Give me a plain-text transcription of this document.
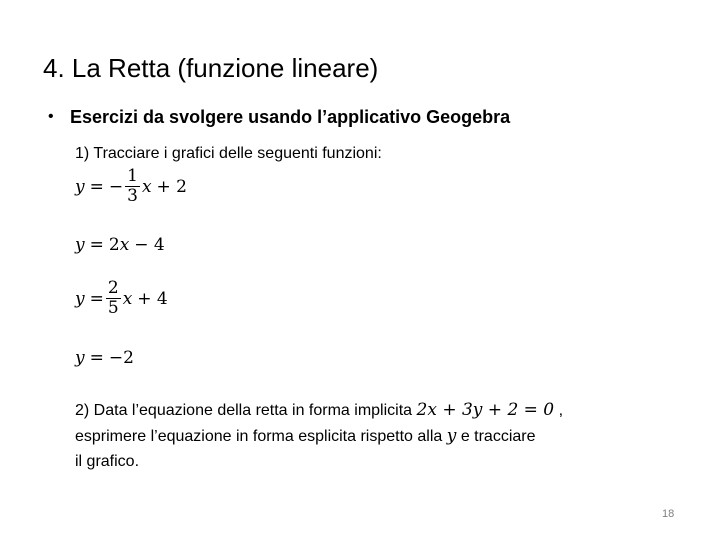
4. La Retta (funzione lineare)
• Esercizi da svolgere usando l’applicativo Geogebra
1) Tracciare i grafici delle seguenti funzioni:
y = − $\frac{1}{3}$ x + 2
y = 2 x − 4
$y = \frac{2}{5}$ x + 4
y = −2
2) Data l’equazione della retta in forma implicita 2x + 3y + 2 = 0 ,
esprimere l’equazione in forma esplicita rispetto alla y e tracciare
il grafico.
18
